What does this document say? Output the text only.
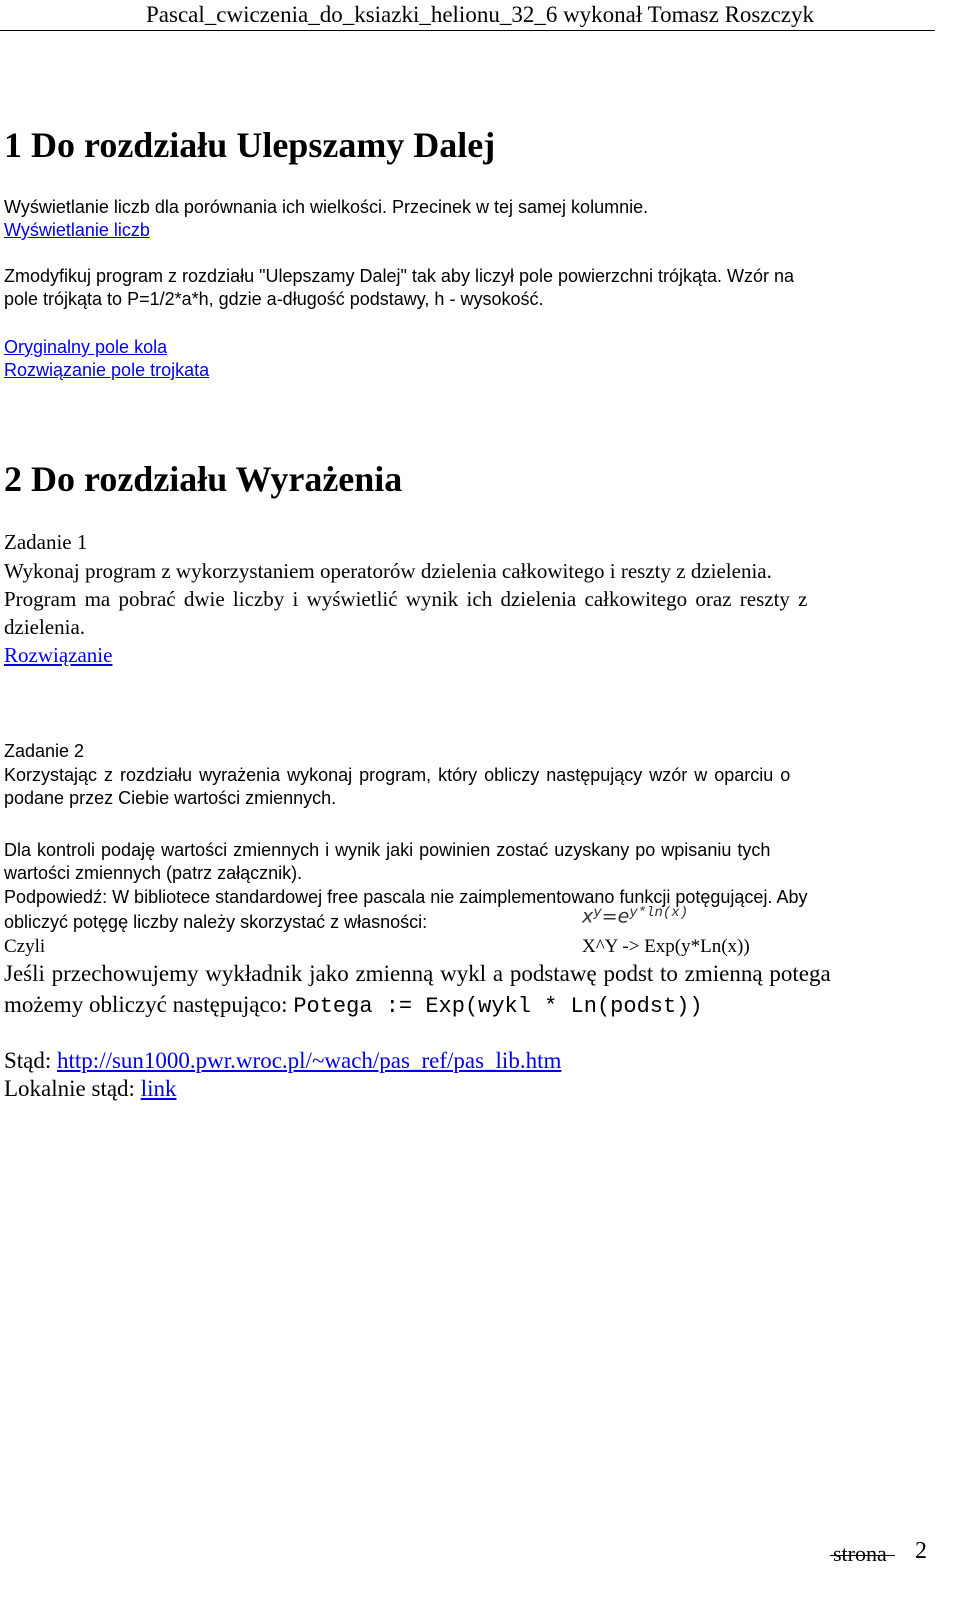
Pascal_cwiczenia_do_ksiazki_helionu_32_6 wykonał Tomasz Roszczyk
1 Do rozdziału Ulepszamy Dalej
Wyświetlanie liczb dla porównania ich wielkości. Przecinek w tej samej kolumnie.
Wyświetlanie liczb
Zmodyfikuj program z rozdziału "Ulepszamy Dalej" tak aby liczył pole powierzchni trójkąta. Wzór na
pole trójkąta to P=1/2*a*h, gdzie a-długość podstawy, h - wysokość.
Oryginalny pole kola
Rozwiązanie pole trojkata
2 Do rozdziału Wyrażenia
Zadanie 1
Wykonaj program z wykorzystaniem operatorów dzielenia całkowitego i reszty z dzielenia.
Program ma pobrać dwie liczby i wyświetlić wynik ich dzielenia całkowitego oraz reszty z
dzielenia.
Rozwiązanie
Zadanie 2
Korzystając z rozdziału wyrażenia wykonaj program, który obliczy następujący wzór w oparciu o
podane przez Ciebie wartości zmiennych.
Dla kontroli podaję wartości zmiennych i wynik jaki powinien zostać uzyskany po wpisaniu tych
wartości zmiennych (patrz załącznik).
Podpowiedź: W bibliotece standardowej free pascala nie zaimplementowano funkcji potęgującej. Aby
obliczyć potęgę liczby należy skorzystać z własności:	xy=ey*ln(x)
Czyli	X^Y -> Exp(y*Ln(x))
Jeśli przechowujemy wykładnik jako zmienną wykl a podstawę podst to zmienną potega
możemy obliczyć następująco: Potega := Exp(wykl * Ln(podst))
Stąd: http://sun1000.pwr.wroc.pl/~wach/pas_ref/pas_lib.htm
Lokalnie stąd: link
strona 2
